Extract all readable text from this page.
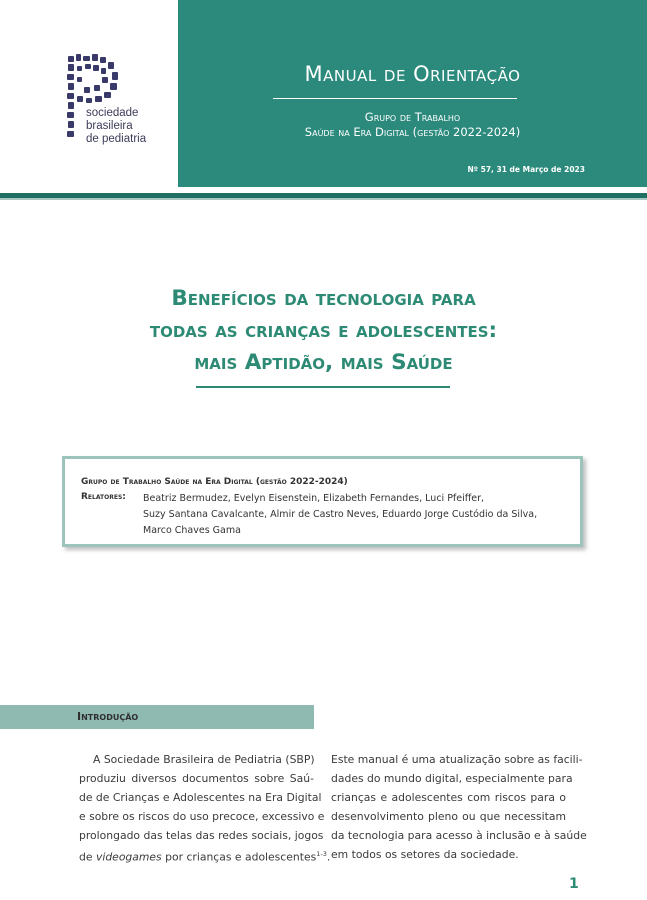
sociedade
brasileira
de pediatria
Manual de Orientação
Grupo de Trabalho
Saúde na Era Digital (gestão 2022-2024)
Nº 57, 31 de Março de 2023
Benefícios da tecnologia para
todas as crianças e adolescentes:
mais Aptidão, mais Saúde
Grupo de Trabalho Saúde na Era Digital (gestão 2022-2024)
Relatores: Beatriz Bermudez, Evelyn Eisenstein, Elizabeth Fernandes, Luci Pfeiffer,
Suzy Santana Cavalcante, Almir de Castro Neves, Eduardo Jorge Custódio da Silva,
Marco Chaves Gama
Introdução
A Sociedade Brasileira de Pediatria (SBP)
produziu diversos documentos sobre Saú-
de de Crianças e Adolescentes na Era Digital
e sobre os riscos do uso precoce, excessivo e
prolongado das telas das redes sociais, jogos
de videogames por crianças e adolescentes$^{1-3}$.
Este manual é uma atualização sobre as facili-
dades do mundo digital, especialmente para
crianças e adolescentes com riscos para o
desenvolvimento pleno ou que necessitam
da tecnologia para acesso à inclusão e à saúde
em todos os setores da sociedade.
1
